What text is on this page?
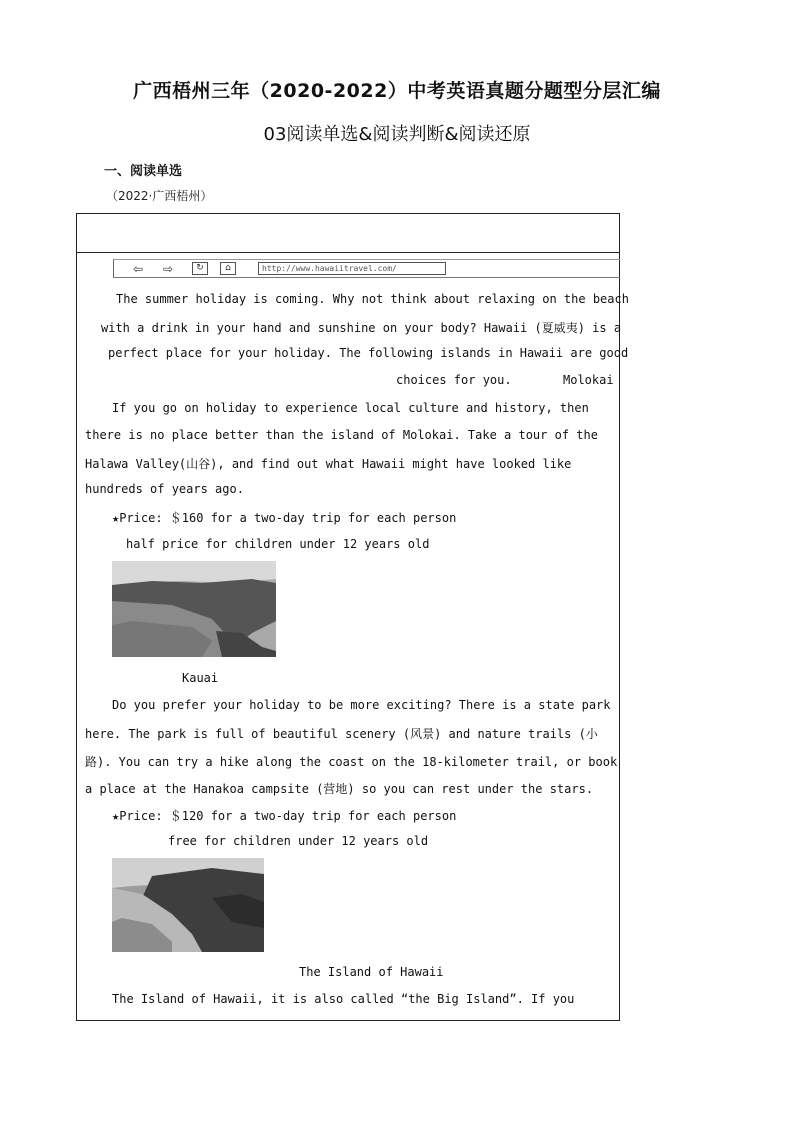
广西梧州三年（2020-2022）中考英语真题分题型分层汇编
03阅读单选&阅读判断&阅读还原
一、阅读单选
（2022·广西梧州）
⇦	⇨	↻	⌂	http://www.hawaiitravel.com/
The summer holiday is coming. Why not think about relaxing on the beach
with a drink in your hand and sunshine on your body? Hawaii (夏威夷) is a
perfect place for your holiday. The following islands in Hawaii are good
choices for you.	Molokai
If you go on holiday to experience local culture and history, then
there is no place better than the island of Molokai. Take a tour of the
Halawa Valley(山谷), and find out what Hawaii might have looked like
hundreds of years ago.
★Price: ＄160 for a two-day trip for each person
half price for children under 12 years old
Kauai
Do you prefer your holiday to be more exciting? There is a state park
here. The park is full of beautiful scenery (风景) and nature trails (小
路). You can try a hike along the coast on the 18-kilometer trail, or book
a place at the Hanakoa campsite (营地) so you can rest under the stars.
★Price: ＄120 for a two-day trip for each person
free for children under 12 years old
The Island of Hawaii
The Island of Hawaii, it is also called “the Big Island”. If you
